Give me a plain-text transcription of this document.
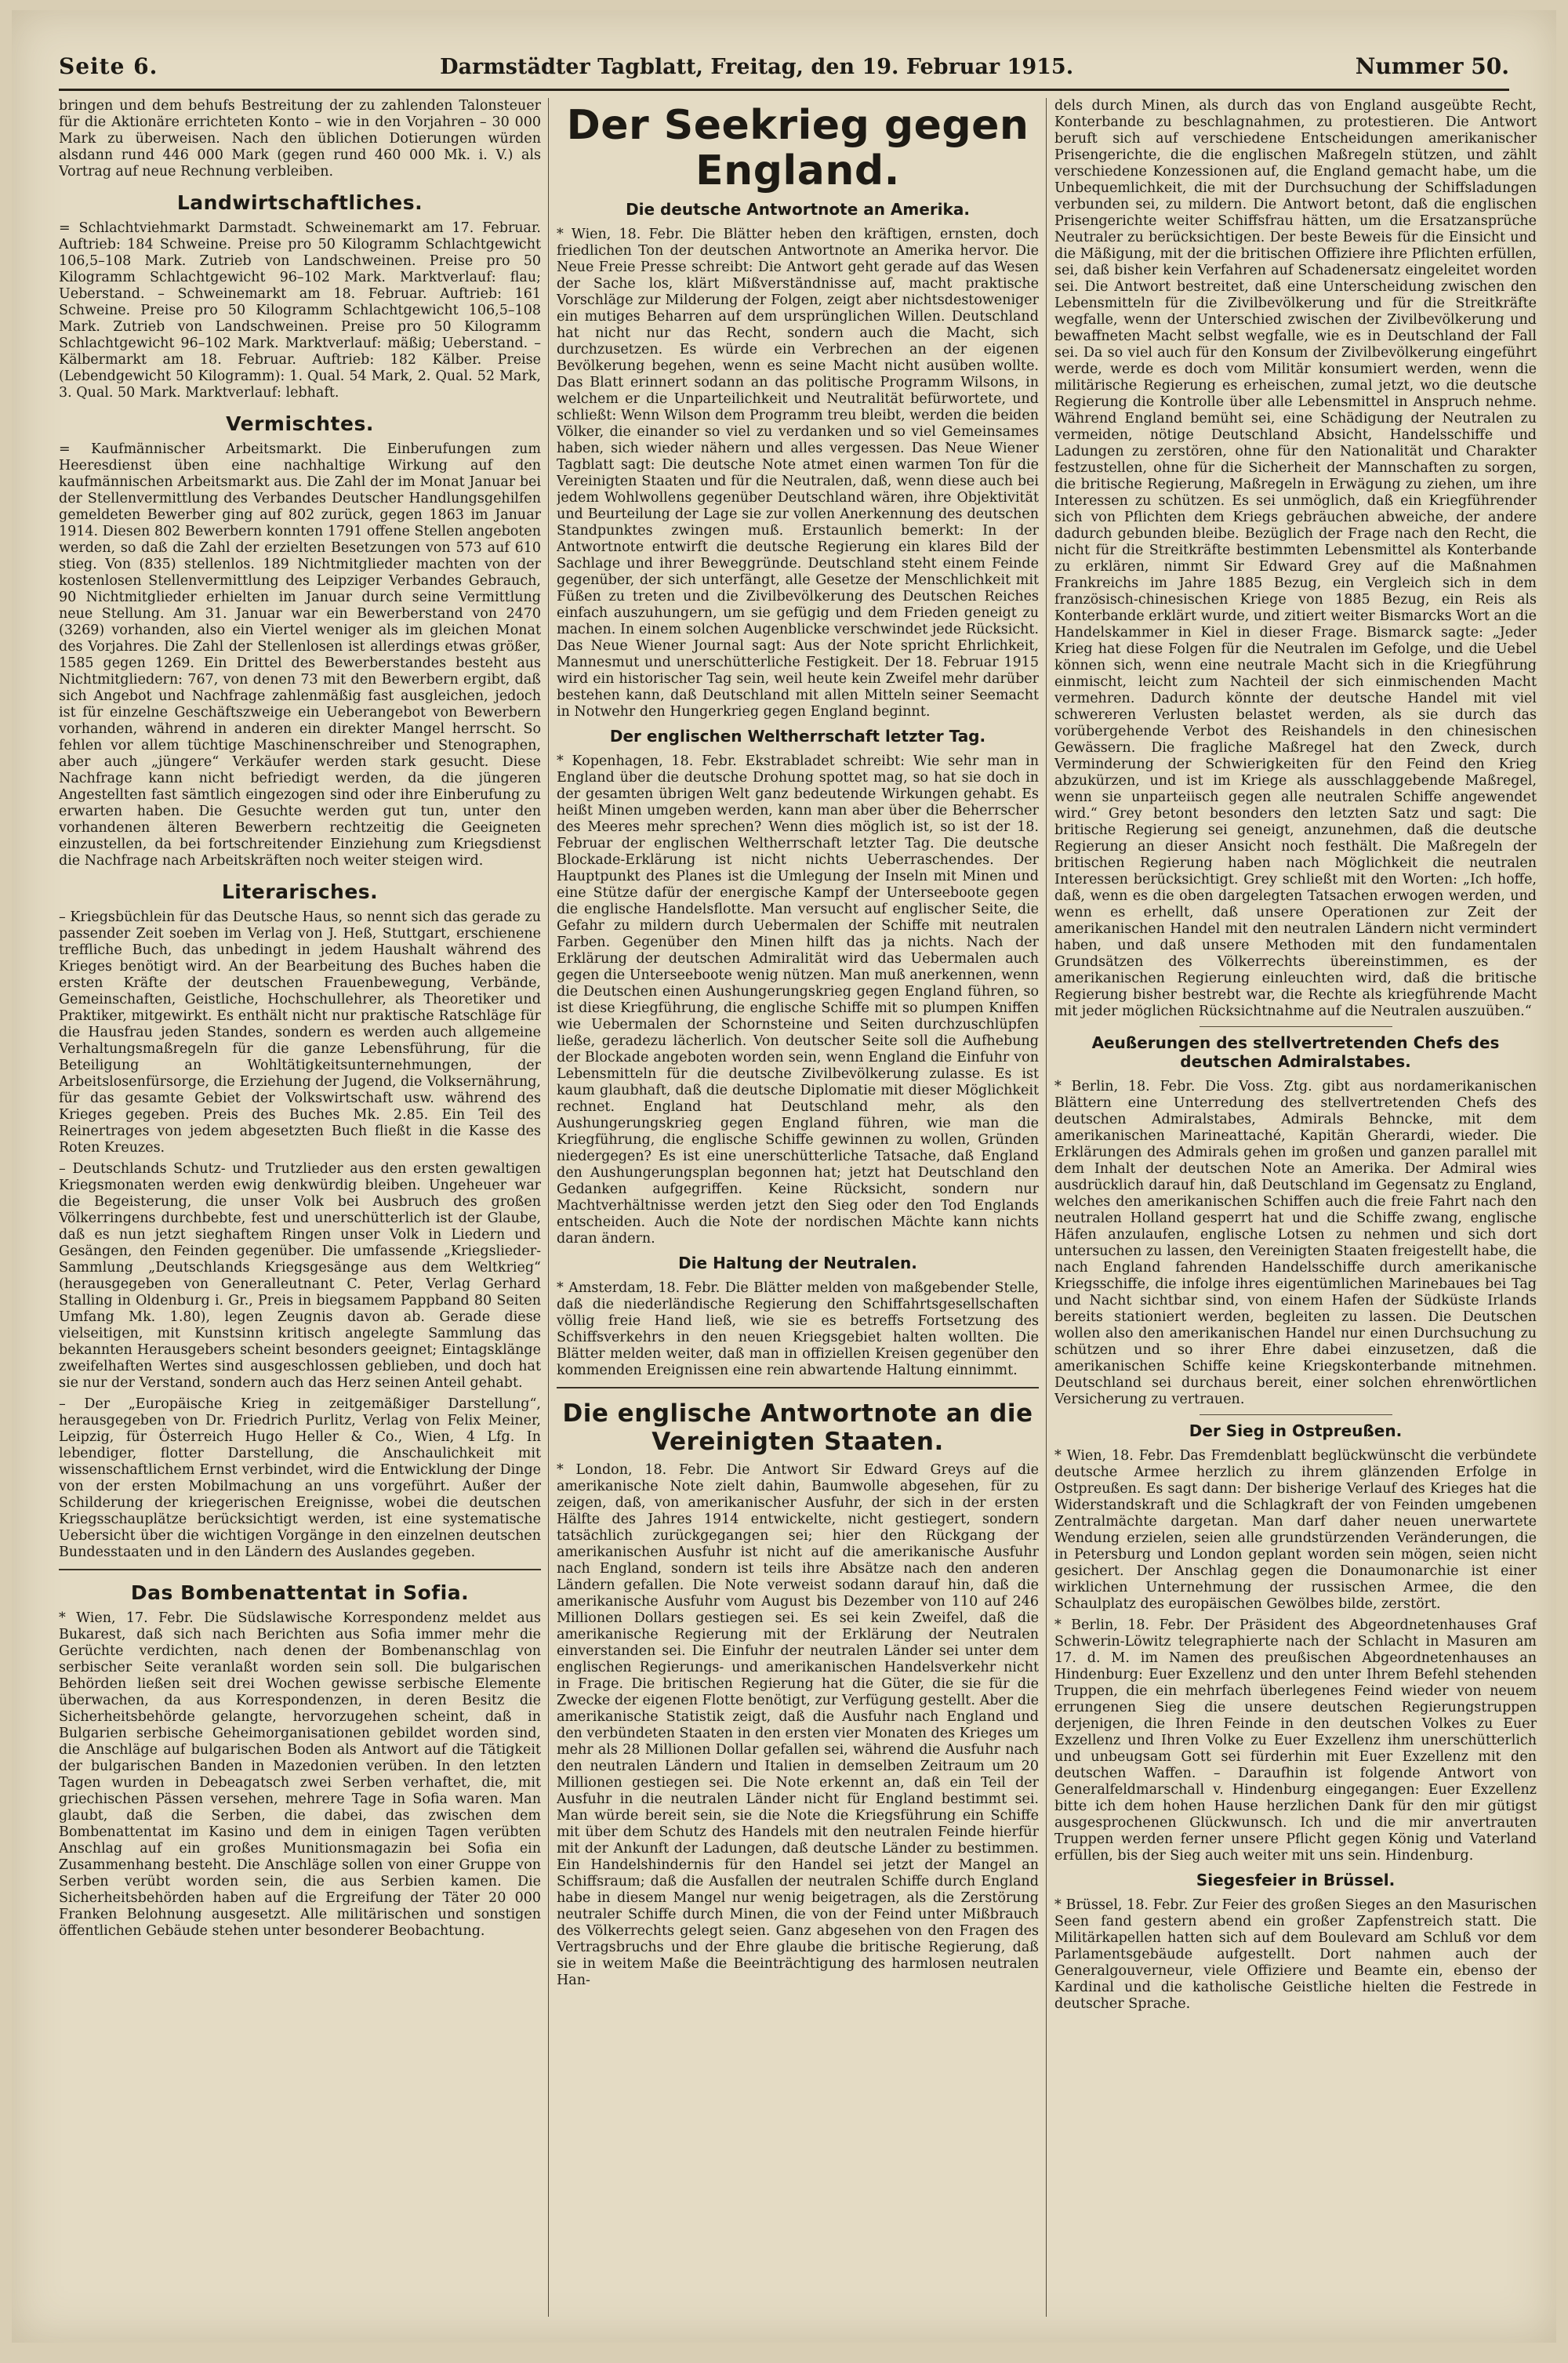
Seite 6.	Darmstädter Tagblatt, Freitag, den 19. Februar 1915.	Nummer 50.

bringen und dem behufs Bestreitung der zu zahlenden Talonsteuer für die Aktionäre errichteten Konto – wie in den Vorjahren – 30 000 Mark zu überweisen. Nach den üblichen Dotierungen würden alsdann rund 446 000 Mark (gegen rund 460 000 Mk. i. V.) als Vortrag auf neue Rechnung verbleiben.

Landwirtschaftliches.

= Schlachtviehmarkt Darmstadt. Schweinemarkt am 17. Februar. Auftrieb: 184 Schweine. Preise pro 50 Kilogramm Schlachtgewicht 106,5–108 Mark. Zutrieb von Landschweinen. Preise pro 50 Kilogramm Schlachtgewicht 96–102 Mark. Marktverlauf: flau; Ueberstand. – Schweinemarkt am 18. Februar. Auftrieb: 161 Schweine. Preise pro 50 Kilogramm Schlachtgewicht 106,5–108 Mark. Zutrieb von Landschweinen. Preise pro 50 Kilogramm Schlachtgewicht 96–102 Mark. Marktverlauf: mäßig; Ueberstand. – Kälbermarkt am 18. Februar. Auftrieb: 182 Kälber. Preise (Lebendgewicht 50 Kilogramm): 1. Qual. 54 Mark, 2. Qual. 52 Mark, 3. Qual. 50 Mark. Marktverlauf: lebhaft.

Vermischtes.

= Kaufmännischer Arbeitsmarkt. Die Einberufungen zum Heeresdienst üben eine nachhaltige Wirkung auf den kaufmännischen Arbeitsmarkt aus. Die Zahl der im Monat Januar bei der Stellenvermittlung des Verbandes Deutscher Handlungsgehilfen gemeldeten Bewerber ging auf 802 zurück, gegen 1863 im Januar 1914. Diesen 802 Bewerbern konnten 1791 offene Stellen angeboten werden, so daß die Zahl der erzielten Besetzungen von 573 auf 610 stieg. Von (835) stellenlos. 189 Nichtmitglieder machten von der kostenlosen Stellenvermittlung des Leipziger Verbandes Gebrauch, 90 Nichtmitglieder erhielten im Januar durch seine Vermittlung neue Stellung. Am 31. Januar war ein Bewerberstand von 2470 (3269) vorhanden, also ein Viertel weniger als im gleichen Monat des Vorjahres. Die Zahl der Stellenlosen ist allerdings etwas größer, 1585 gegen 1269. Ein Drittel des Bewerberstandes besteht aus Nichtmitgliedern: 767, von denen 73 mit den Bewerbern ergibt, daß sich Angebot und Nachfrage zahlenmäßig fast ausgleichen, jedoch ist für einzelne Geschäftszweige ein Ueberangebot von Bewerbern vorhanden, während in anderen ein direkter Mangel herrscht. So fehlen vor allem tüchtige Maschinenschreiber und Stenographen, aber auch „jüngere“ Verkäufer werden stark gesucht. Diese Nachfrage kann nicht befriedigt werden, da die jüngeren Angestellten fast sämtlich eingezogen sind oder ihre Einberufung zu erwarten haben. Die Gesuchte werden gut tun, unter den vorhandenen älteren Bewerbern rechtzeitig die Geeigneten einzustellen, da bei fortschreitender Einziehung zum Kriegsdienst die Nachfrage nach Arbeitskräften noch weiter steigen wird.

Literarisches.

– Kriegsbüchlein für das Deutsche Haus, so nennt sich das gerade zu passender Zeit soeben im Verlag von J. Heß, Stuttgart, erschienene treffliche Buch, das unbedingt in jedem Haushalt während des Krieges benötigt wird. An der Bearbeitung des Buches haben die ersten Kräfte der deutschen Frauenbewegung, Verbände, Gemeinschaften, Geistliche, Hochschullehrer, als Theoretiker und Praktiker, mitgewirkt. Es enthält nicht nur praktische Ratschläge für die Hausfrau jeden Standes, sondern es werden auch allgemeine Verhaltungsmaßregeln für die ganze Lebensführung, für die Beteiligung an Wohltätigkeitsunternehmungen, der Arbeitslosenfürsorge, die Erziehung der Jugend, die Volksernährung, für das gesamte Gebiet der Volkswirtschaft usw. während des Krieges gegeben. Preis des Buches Mk. 2.85. Ein Teil des Reinertrages von jedem abgesetzten Buch fließt in die Kasse des Roten Kreuzes.

– Deutschlands Schutz- und Trutzlieder aus den ersten gewaltigen Kriegsmonaten werden ewig denkwürdig bleiben. Ungeheuer war die Begeisterung, die unser Volk bei Ausbruch des großen Völkerringens durchbebte, fest und unerschütterlich ist der Glaube, daß es nun jetzt sieghaftem Ringen unser Volk in Liedern und Gesängen, den Feinden gegenüber. Die umfassende „Kriegslieder-Sammlung „Deutschlands Kriegsgesänge aus dem Weltkrieg“ (herausgegeben von Generalleutnant C. Peter, Verlag Gerhard Stalling in Oldenburg i. Gr., Preis in biegsamem Pappband 80 Seiten Umfang Mk. 1.80), legen Zeugnis davon ab. Gerade diese vielseitigen, mit Kunstsinn kritisch angelegte Sammlung das bekannten Herausgebers scheint besonders geeignet; Eintagsklänge zweifelhaften Wertes sind ausgeschlossen geblieben, und doch hat sie nur der Verstand, sondern auch das Herz seinen Anteil gehabt.

– Der „Europäische Krieg in zeitgemäßiger Darstellung“, herausgegeben von Dr. Friedrich Purlitz, Verlag von Felix Meiner, Leipzig, für Österreich Hugo Heller & Co., Wien, 4 Lfg. In lebendiger, flotter Darstellung, die Anschaulichkeit mit wissenschaftlichem Ernst verbindet, wird die Entwicklung der Dinge von der ersten Mobilmachung an uns vorgeführt. Außer der Schilderung der kriegerischen Ereignisse, wobei die deutschen Kriegsschauplätze berücksichtigt werden, ist eine systematische Uebersicht über die wichtigen Vorgänge in den einzelnen deutschen Bundesstaaten und in den Ländern des Auslandes gegeben.

Das Bombenattentat in Sofia.

* Wien, 17. Febr. Die Südslawische Korrespondenz meldet aus Bukarest, daß sich nach Berichten aus Sofia immer mehr die Gerüchte verdichten, nach denen der Bombenanschlag von serbischer Seite veranlaßt worden sein soll. Die bulgarischen Behörden ließen seit drei Wochen gewisse serbische Elemente überwachen, da aus Korrespondenzen, in deren Besitz die Sicherheitsbehörde gelangte, hervorzugehen scheint, daß in Bulgarien serbische Geheimorganisationen gebildet worden sind, die Anschläge auf bulgarischen Boden als Antwort auf die Tätigkeit der bulgarischen Banden in Mazedonien verüben. In den letzten Tagen wurden in Debeagatsch zwei Serben verhaftet, die, mit griechischen Pässen versehen, mehrere Tage in Sofia waren. Man glaubt, daß die Serben, die dabei, das zwischen dem Bombenattentat im Kasino und dem in einigen Tagen verübten Anschlag auf ein großes Munitionsmagazin bei Sofia ein Zusammenhang besteht. Die Anschläge sollen von einer Gruppe von Serben verübt worden sein, die aus Serbien kamen. Die Sicherheitsbehörden haben auf die Ergreifung der Täter 20 000 Franken Belohnung ausgesetzt. Alle militärischen und sonstigen öffentlichen Gebäude stehen unter besonderer Beobachtung.

Der Seekrieg gegen England.
Die deutsche Antwortnote an Amerika.

* Wien, 18. Febr. Die Blätter heben den kräftigen, ernsten, doch friedlichen Ton der deutschen Antwortnote an Amerika hervor. Die Neue Freie Presse schreibt: Die Antwort geht gerade auf das Wesen der Sache los, klärt Mißverständnisse auf, macht praktische Vorschläge zur Milderung der Folgen, zeigt aber nichtsdestoweniger ein mutiges Beharren auf dem ursprünglichen Willen. Deutschland hat nicht nur das Recht, sondern auch die Macht, sich durchzusetzen. Es würde ein Verbrechen an der eigenen Bevölkerung begehen, wenn es seine Macht nicht ausüben wollte. Das Blatt erinnert sodann an das politische Programm Wilsons, in welchem er die Unparteilichkeit und Neutralität befürwortete, und schließt: Wenn Wilson dem Programm treu bleibt, werden die beiden Völker, die einander so viel zu verdanken und so viel Gemeinsames haben, sich wieder nähern und alles vergessen. Das Neue Wiener Tagblatt sagt: Die deutsche Note atmet einen warmen Ton für die Vereinigten Staaten und für die Neutralen, daß, wenn diese auch bei jedem Wohlwollens gegenüber Deutschland wären, ihre Objektivität und Beurteilung der Lage sie zur vollen Anerkennung des deutschen Standpunktes zwingen muß. Erstaunlich bemerkt: In der Antwortnote entwirft die deutsche Regierung ein klares Bild der Sachlage und ihrer Beweggründe. Deutschland steht einem Feinde gegenüber, der sich unterfängt, alle Gesetze der Menschlichkeit mit Füßen zu treten und die Zivilbevölkerung des Deutschen Reiches einfach auszuhungern, um sie gefügig und dem Frieden geneigt zu machen. In einem solchen Augenblicke verschwindet jede Rücksicht. Das Neue Wiener Journal sagt: Aus der Note spricht Ehrlichkeit, Mannesmut und unerschütterliche Festigkeit. Der 18. Februar 1915 wird ein historischer Tag sein, weil heute kein Zweifel mehr darüber bestehen kann, daß Deutschland mit allen Mitteln seiner Seemacht in Notwehr den Hungerkrieg gegen England beginnt.

Der englischen Weltherrschaft letzter Tag.

* Kopenhagen, 18. Febr. Ekstrabladet schreibt: Wie sehr man in England über die deutsche Drohung spottet mag, so hat sie doch in der gesamten übrigen Welt ganz bedeutende Wirkungen gehabt. Es heißt Minen umgeben werden, kann man aber über die Beherrscher des Meeres mehr sprechen? Wenn dies möglich ist, so ist der 18. Februar der englischen Weltherrschaft letzter Tag. Die deutsche Blockade-Erklärung ist nicht nichts Ueberraschendes. Der Hauptpunkt des Planes ist die Umlegung der Inseln mit Minen und eine Stütze dafür der energische Kampf der Unterseeboote gegen die englische Handelsflotte. Man versucht auf englischer Seite, die Gefahr zu mildern durch Uebermalen der Schiffe mit neutralen Farben. Gegenüber den Minen hilft das ja nichts. Nach der Erklärung der deutschen Admiralität wird das Uebermalen auch gegen die Unterseeboote wenig nützen. Man muß anerkennen, wenn die Deutschen einen Aushungerungskrieg gegen England führen, so ist diese Kriegführung, die englische Schiffe mit so plumpen Kniffen wie Uebermalen der Schornsteine und Seiten durchzuschlüpfen ließe, geradezu lächerlich. Von deutscher Seite soll die Aufhebung der Blockade angeboten worden sein, wenn England die Einfuhr von Lebensmitteln für die deutsche Zivilbevölkerung zulasse. Es ist kaum glaubhaft, daß die deutsche Diplomatie mit dieser Möglichkeit rechnet. England hat Deutschland mehr, als den Aushungerungskrieg gegen England führen, wie man die Kriegführung, die englische Schiffe gewinnen zu wollen, Gründen niedergegen? Es ist eine unerschütterliche Tatsache, daß England den Aushungerungsplan begonnen hat; jetzt hat Deutschland den Gedanken aufgegriffen. Keine Rücksicht, sondern nur Machtverhältnisse werden jetzt den Sieg oder den Tod Englands entscheiden. Auch die Note der nordischen Mächte kann nichts daran ändern.

Die Haltung der Neutralen.

* Amsterdam, 18. Febr. Die Blätter melden von maßgebender Stelle, daß die niederländische Regierung den Schiffahrtsgesellschaften völlig freie Hand ließ, wie sie es betreffs Fortsetzung des Schiffsverkehrs in den neuen Kriegsgebiet halten wollten. Die Blätter melden weiter, daß man in offiziellen Kreisen gegenüber den kommenden Ereignissen eine rein abwartende Haltung einnimmt.

Die englische Antwortnote an die Vereinigten Staaten.

* London, 18. Febr. Die Antwort Sir Edward Greys auf die amerikanische Note zielt dahin, Baumwolle abgesehen, für zu zeigen, daß, von amerikanischer Ausfuhr, der sich in der ersten Hälfte des Jahres 1914 entwickelte, nicht gestiegert, sondern tatsächlich zurückgegangen sei; hier den Rückgang der amerikanischen Ausfuhr ist nicht auf die amerikanische Ausfuhr nach England, sondern ist teils ihre Absätze nach den anderen Ländern gefallen. Die Note verweist sodann darauf hin, daß die amerikanische Ausfuhr vom August bis Dezember von 110 auf 246 Millionen Dollars gestiegen sei. Es sei kein Zweifel, daß die amerikanische Regierung mit der Erklärung der Neutralen einverstanden sei. Die Einfuhr der neutralen Länder sei unter dem englischen Regierungs- und amerikanischen Handelsverkehr nicht in Frage. Die britischen Regierung hat die Güter, die sie für die Zwecke der eigenen Flotte benötigt, zur Verfügung gestellt. Aber die amerikanische Statistik zeigt, daß die Ausfuhr nach England und den verbündeten Staaten in den ersten vier Monaten des Krieges um mehr als 28 Millionen Dollar gefallen sei, während die Ausfuhr nach den neutralen Ländern und Italien in demselben Zeitraum um 20 Millionen gestiegen sei. Die Note erkennt an, daß ein Teil der Ausfuhr in die neutralen Länder nicht für England bestimmt sei. Man würde bereit sein, sie die Note die Kriegsführung ein Schiffe mit über dem Schutz des Handels mit den neutralen Feinde hierfür mit der Ankunft der Ladungen, daß deutsche Länder zu bestimmen. Ein Handelshindernis für den Handel sei jetzt der Mangel an Schiffsraum; daß die Ausfallen der neutralen Schiffe durch England habe in diesem Mangel nur wenig beigetragen, als die Zerstörung neutraler Schiffe durch Minen, die von der Feind unter Mißbrauch des Völkerrechts gelegt seien. Ganz abgesehen von den Fragen des Vertragsbruchs und der Ehre glaube die britische Regierung, daß sie in weitem Maße die Beeinträchtigung des harmlosen neutralen Han-

dels durch Minen, als durch das von England ausgeübte Recht, Konterbande zu beschlagnahmen, zu protestieren. Die Antwort beruft sich auf verschiedene Entscheidungen amerikanischer Prisengerichte, die die englischen Maßregeln stützen, und zählt verschiedene Konzessionen auf, die England gemacht habe, um die Unbequemlichkeit, die mit der Durchsuchung der Schiffsladungen verbunden sei, zu mildern. Die Antwort betont, daß die englischen Prisengerichte weiter Schiffsfrau hätten, um die Ersatzansprüche Neutraler zu berücksichtigen. Der beste Beweis für die Einsicht und die Mäßigung, mit der die britischen Offiziere ihre Pflichten erfüllen, sei, daß bisher kein Verfahren auf Schadenersatz eingeleitet worden sei. Die Antwort bestreitet, daß eine Unterscheidung zwischen den Lebensmitteln für die Zivilbevölkerung und für die Streitkräfte wegfalle, wenn der Unterschied zwischen der Zivilbevölkerung und bewaffneten Macht selbst wegfalle, wie es in Deutschland der Fall sei. Da so viel auch für den Konsum der Zivilbevölkerung eingeführt werde, werde es doch vom Militär konsumiert werden, wenn die militärische Regierung es erheischen, zumal jetzt, wo die deutsche Regierung die Kontrolle über alle Lebensmittel in Anspruch nehme. Während England bemüht sei, eine Schädigung der Neutralen zu vermeiden, nötige Deutschland Absicht, Handelsschiffe und Ladungen zu zerstören, ohne für den Nationalität und Charakter festzustellen, ohne für die Sicherheit der Mannschaften zu sorgen, die britische Regierung, Maßregeln in Erwägung zu ziehen, um ihre Interessen zu schützen. Es sei unmöglich, daß ein Kriegführender sich von Pflichten dem Kriegs gebräuchen abweiche, der andere dadurch gebunden bleibe. Bezüglich der Frage nach den Recht, die nicht für die Streitkräfte bestimmten Lebensmittel als Konterbande zu erklären, nimmt Sir Edward Grey auf die Maßnahmen Frankreichs im Jahre 1885 Bezug, ein Vergleich sich in dem französisch-chinesischen Kriege von 1885 Bezug, ein Reis als Konterbande erklärt wurde, und zitiert weiter Bismarcks Wort an die Handelskammer in Kiel in dieser Frage. Bismarck sagte: „Jeder Krieg hat diese Folgen für die Neutralen im Gefolge, und die Uebel können sich, wenn eine neutrale Macht sich in die Kriegführung einmischt, leicht zum Nachteil der sich einmischenden Macht vermehren. Dadurch könnte der deutsche Handel mit viel schwereren Verlusten belastet werden, als sie durch das vorübergehende Verbot des Reishandels in den chinesischen Gewässern. Die fragliche Maßregel hat den Zweck, durch Verminderung der Schwierigkeiten für den Feind den Krieg abzukürzen, und ist im Kriege als ausschlaggebende Maßregel, wenn sie unparteiisch gegen alle neutralen Schiffe angewendet wird.“ Grey betont besonders den letzten Satz und sagt: Die britische Regierung sei geneigt, anzunehmen, daß die deutsche Regierung an dieser Ansicht noch festhält. Die Maßregeln der britischen Regierung haben nach Möglichkeit die neutralen Interessen berücksichtigt. Grey schließt mit den Worten: „Ich hoffe, daß, wenn es die oben dargelegten Tatsachen erwogen werden, und wenn es erhellt, daß unsere Operationen zur Zeit der amerikanischen Handel mit den neutralen Ländern nicht vermindert haben, und daß unsere Methoden mit den fundamentalen Grundsätzen des Völkerrechts übereinstimmen, es der amerikanischen Regierung einleuchten wird, daß die britische Regierung bisher bestrebt war, die Rechte als kriegführende Macht mit jeder möglichen Rücksichtnahme auf die Neutralen auszuüben.“

Aeußerungen des stellvertretenden Chefs des deutschen Admiralstabes.

* Berlin, 18. Febr. Die Voss. Ztg. gibt aus nordamerikanischen Blättern eine Unterredung des stellvertretenden Chefs des deutschen Admiralstabes, Admirals Behncke, mit dem amerikanischen Marineattaché, Kapitän Gherardi, wieder. Die Erklärungen des Admirals gehen im großen und ganzen parallel mit dem Inhalt der deutschen Note an Amerika. Der Admiral wies ausdrücklich darauf hin, daß Deutschland im Gegensatz zu England, welches den amerikanischen Schiffen auch die freie Fahrt nach den neutralen Holland gesperrt hat und die Schiffe zwang, englische Häfen anzulaufen, englische Lotsen zu nehmen und sich dort untersuchen zu lassen, den Vereinigten Staaten freigestellt habe, die nach England fahrenden Handelsschiffe durch amerikanische Kriegsschiffe, die infolge ihres eigentümlichen Marinebaues bei Tag und Nacht sichtbar sind, von einem Hafen der Südküste Irlands bereits stationiert werden, begleiten zu lassen. Die Deutschen wollen also den amerikanischen Handel nur einen Durchsuchung zu schützen und so ihrer Ehre dabei einzusetzen, daß die amerikanischen Schiffe keine Kriegskonterbande mitnehmen. Deutschland sei durchaus bereit, einer solchen ehrenwörtlichen Versicherung zu vertrauen.

Der Sieg in Ostpreußen.

* Wien, 18. Febr. Das Fremdenblatt beglückwünscht die verbündete deutsche Armee herzlich zu ihrem glänzenden Erfolge in Ostpreußen. Es sagt dann: Der bisherige Verlauf des Krieges hat die Widerstandskraft und die Schlagkraft der von Feinden umgebenen Zentralmächte dargetan. Man darf daher neuen unerwartete Wendung erzielen, seien alle grundstürzenden Veränderungen, die in Petersburg und London geplant worden sein mögen, seien nicht gesichert. Der Anschlag gegen die Donaumonarchie ist einer wirklichen Unternehmung der russischen Armee, die den Schaulplatz des europäischen Gewölbes bilde, zerstört.

* Berlin, 18. Febr. Der Präsident des Abgeordnetenhauses Graf Schwerin-Löwitz telegraphierte nach der Schlacht in Masuren am 17. d. M. im Namen des preußischen Abgeordnetenhauses an Hindenburg: Euer Exzellenz und den unter Ihrem Befehl stehenden Truppen, die ein mehrfach überlegenes Feind wieder von neuem errungenen Sieg die unsere deutschen Regierungstruppen derjenigen, die Ihren Feinde in den deutschen Volkes zu Euer Exzellenz und Ihren Volke zu Euer Exzellenz ihm unerschütterlich und unbeugsam Gott sei fürderhin mit Euer Exzellenz mit den deutschen Waffen. – Daraufhin ist folgende Antwort von Generalfeldmarschall v. Hindenburg eingegangen: Euer Exzellenz bitte ich dem hohen Hause herzlichen Dank für den mir gütigst ausgesprochenen Glückwunsch. Ich und die mir anvertrauten Truppen werden ferner unsere Pflicht gegen König und Vaterland erfüllen, bis der Sieg auch weiter mit uns sein. Hindenburg.

Siegesfeier in Brüssel.

* Brüssel, 18. Febr. Zur Feier des großen Sieges an den Masurischen Seen fand gestern abend ein großer Zapfenstreich statt. Die Militärkapellen hatten sich auf dem Boulevard am Schluß vor dem Parlamentsgebäude aufgestellt. Dort nahmen auch der Generalgouverneur, viele Offiziere und Beamte ein, ebenso der Kardinal und die katholische Geistliche hielten die Festrede in deutscher Sprache.
